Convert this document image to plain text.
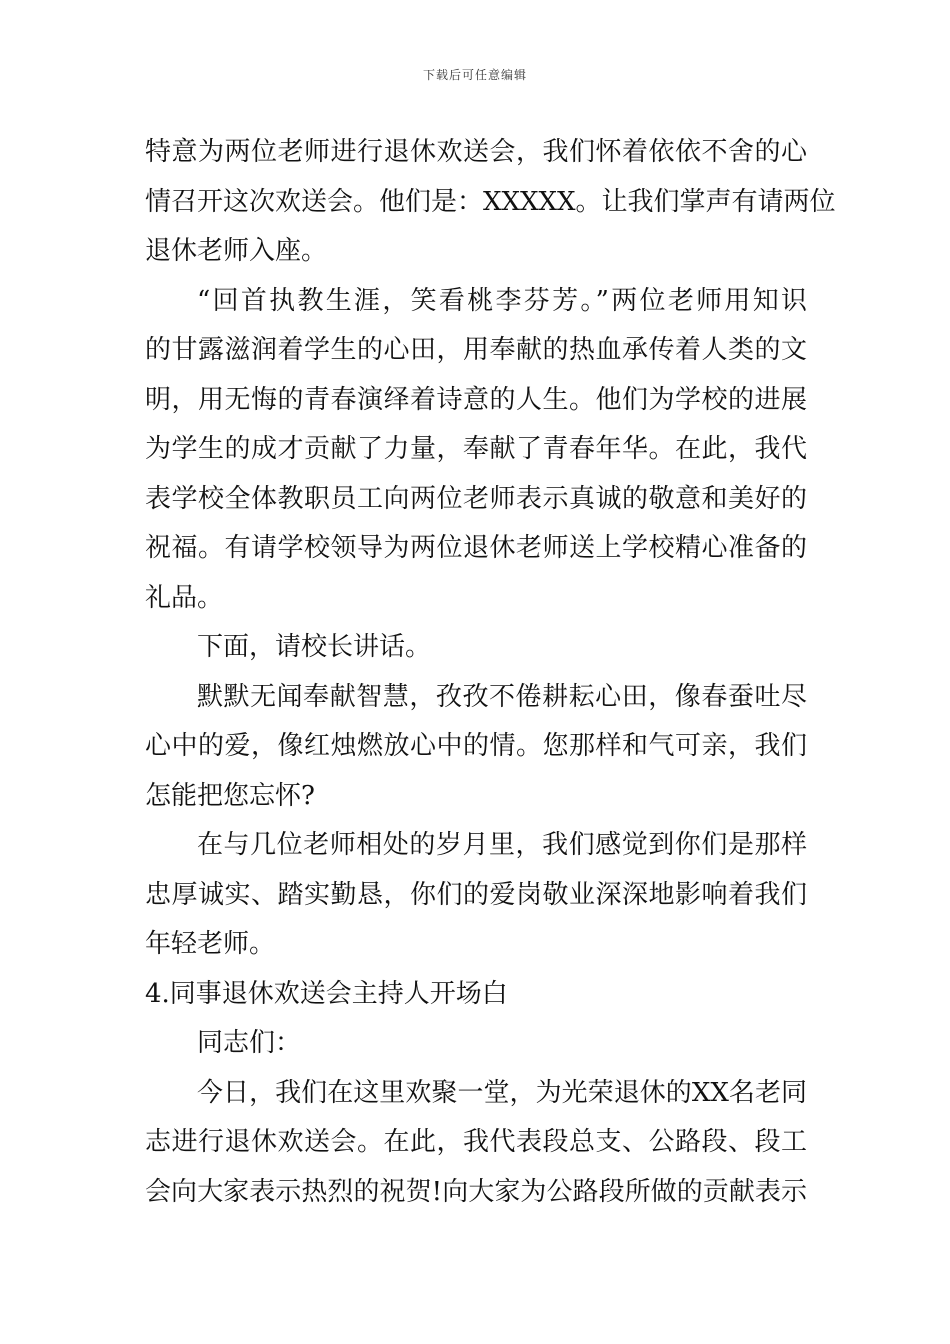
下载后可任意编辑
特意为两位老师进行退休欢送会，我们怀着依依不舍的心
情召开这次欢送会。他们是：XXXXX。让我们掌声有请两位
退休老师入座。
“回首执教生涯，笑看桃李芬芳。”两位老师用知识
的甘露滋润着学生的心田，用奉献的热血承传着人类的文
明，用无悔的青春演绎着诗意的人生。他们为学校的进展
为学生的成才贡献了力量，奉献了青春年华。在此，我代
表学校全体教职员工向两位老师表示真诚的敬意和美好的
祝福。有请学校领导为两位退休老师送上学校精心准备的
礼品。
下面，请校长讲话。
默默无闻奉献智慧，孜孜不倦耕耘心田，像春蚕吐尽
心中的爱，像红烛燃放心中的情。您那样和气可亲，我们
怎能把您忘怀?
在与几位老师相处的岁月里，我们感觉到你们是那样
忠厚诚实、踏实勤恳，你们的爱岗敬业深深地影响着我们
年轻老师。
4.同事退休欢送会主持人开场白
同志们：
今日，我们在这里欢聚一堂，为光荣退休的XX名老同
志进行退休欢送会。在此，我代表段总支、公路段、段工
会向大家表示热烈的祝贺!向大家为公路段所做的贡献表示
